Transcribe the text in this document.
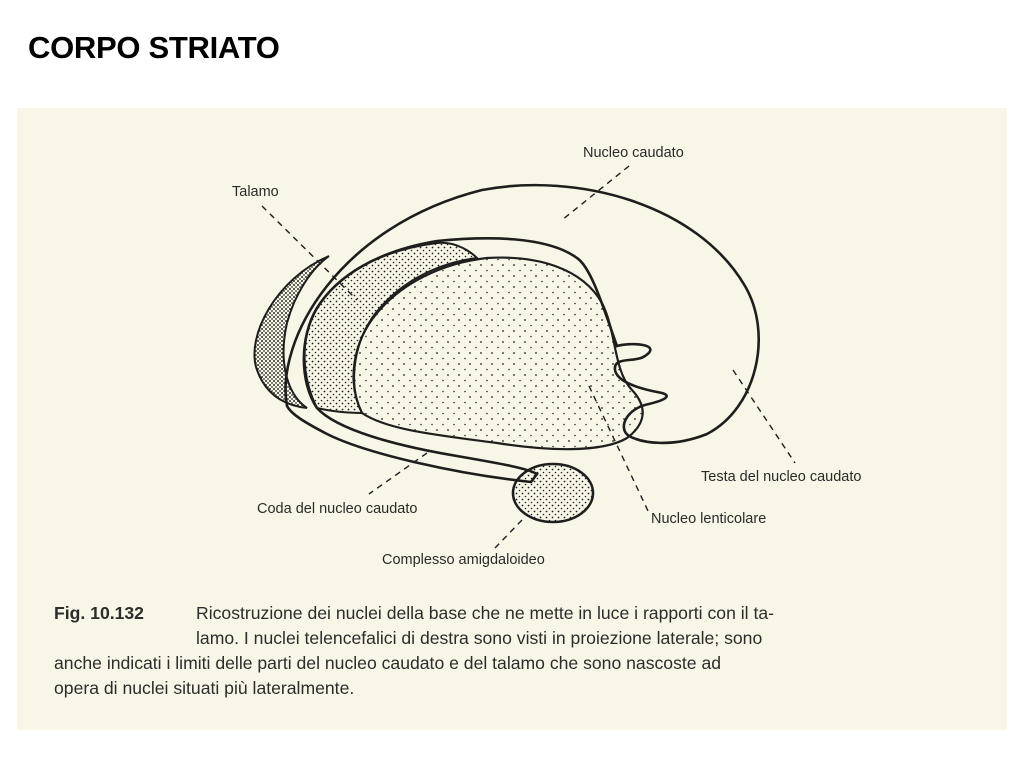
CORPO STRIATO
Nucleo caudato
Talamo
Testa del nucleo caudato
Coda del nucleo caudato
Nucleo lenticolare
Complesso amigdaloideo
Fig. 10.132	Ricostruzione dei nuclei della base che ne mette in luce i rapporti con il ta-
lamo. I nuclei telencefalici di destra sono visti in proiezione laterale; sono
anche indicati i limiti delle parti del nucleo caudato e del talamo che sono nascoste ad
opera di nuclei situati più lateralmente.
